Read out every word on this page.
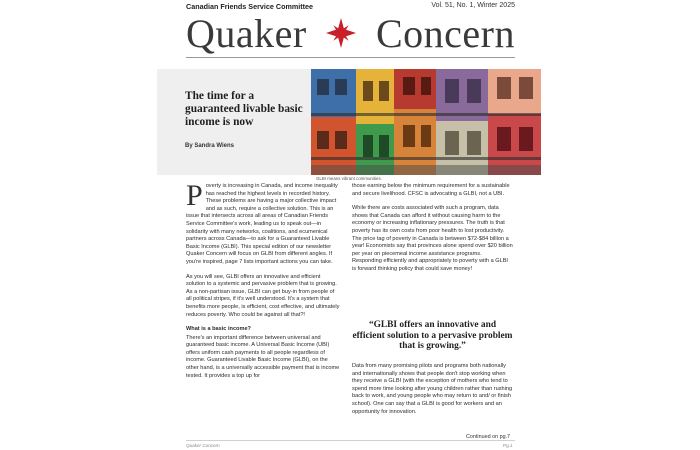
Canadian Friends Service Committee	Vol. 51, No. 1, Winter 2025
Quaker Concern
The time for a guaranteed livable basic income is now
By Sandra Wiens
GLBI means vibrant communities.

Poverty is increasing in Canada, and income inequality has reached the highest levels in recorded history. These problems are having a major collective impact and as such, require a collective solution. This is an issue that intersects across all areas of Canadian Friends Service Committee's work, leading us to speak out—in solidarity with many networks, coalitions, and ecumenical partners across Canada—to ask for a Guaranteed Livable Basic Income (GLBI). This special edition of our newsletter Quaker Concern will focus on GLBI from different angles. If you're inspired, page 7 lists important actions you can take.

As you will see, GLBI offers an innovative and efficient solution to a systemic and pervasive problem that is growing. As a non-partisan issue, GLBI can get buy-in from people of all political stripes, if it's well understood. It's a system that benefits more people, is efficient, cost effective, and ultimately reduces poverty. Who could be against all that?!

What is a basic income?

There's an important difference between universal and guaranteed basic income. A Universal Basic Income (UBI) offers uniform cash payments to all people regardless of income. Guaranteed Livable Basic Income (GLBI), on the other hand, is a universally accessible payment that is income tested. It provides a top up for

those earning below the minimum requirement for a sustainable and secure livelihood. CFSC is advocating a GLBI, not a UBI.

While there are costs associated with such a program, data shows that Canada can afford it without causing harm to the economy or increasing inflationary pressures. The truth is that poverty has its own costs from poor health to lost productivity. The price tag of poverty in Canada is between $72-$84 billion a year! Economists say that provinces alone spend over $20 billion per year on piecemeal income assistance programs. Responding efficiently and appropriately to poverty with a GLBI is forward thinking policy that could save money!

“GLBI offers an innovative and efficient solution to a pervasive problem that is growing.”

Data from many promising pilots and programs both nationally and internationally shows that people don't stop working when they receive a GLBI (with the exception of mothers who tend to spend more time looking after young children rather than rushing back to work, and young people who may return to and/ or finish school). One can say that a GLBI is good for workers and an opportunity for innovation.

Continued on pg.7
Quaker Concern	Pg.1
